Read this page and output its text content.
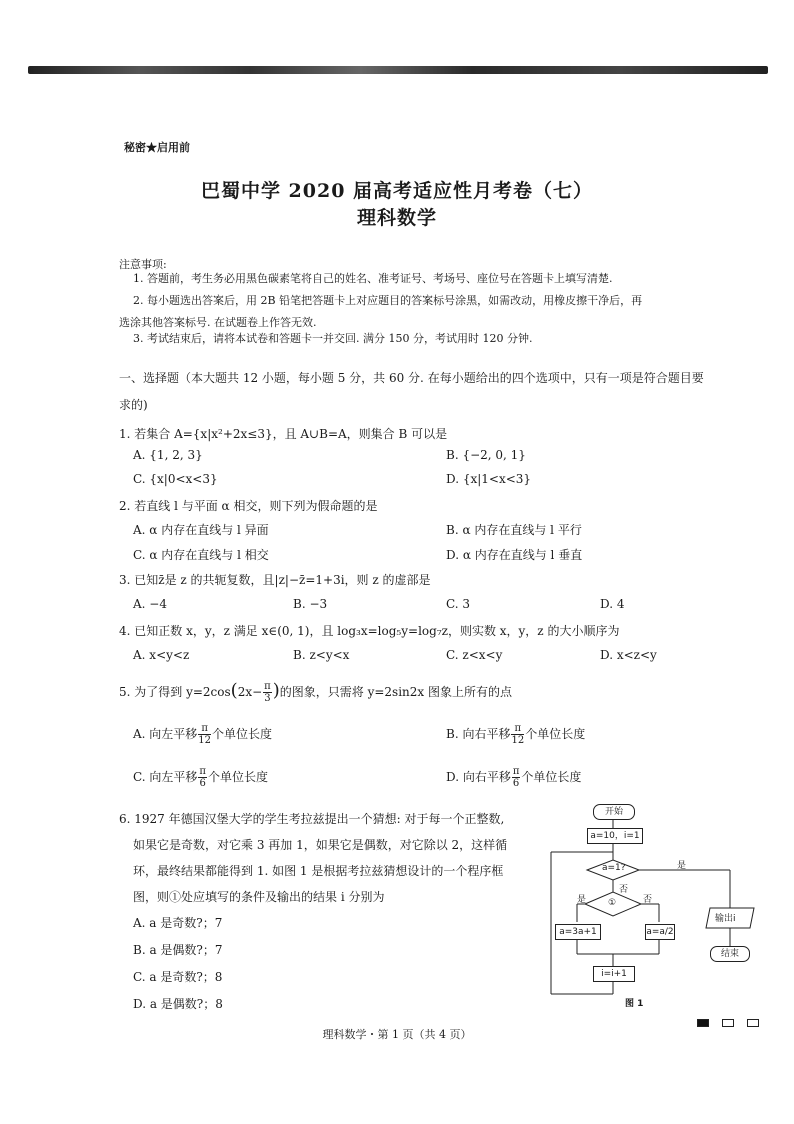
秘密★启用前
巴蜀中学 2020 届高考适应性月考卷（七）
理科数学
注意事项:
1. 答题前，考生务必用黑色碳素笔将自己的姓名、准考证号、考场号、座位号在答题卡上填写清楚.
2. 每小题选出答案后，用 2B 铅笔把答题卡上对应题目的答案标号涂黑，如需改动，用橡皮擦干净后，再
选涂其他答案标号. 在试题卷上作答无效.
3. 考试结束后，请将本试卷和答题卡一并交回. 满分 150 分，考试用时 120 分钟.
一、选择题（本大题共 12 小题，每小题 5 分，共 60 分. 在每小题给出的四个选项中，只有一项是符合题目要
求的)
1. 若集合 A={x|x²+2x≤3}，且 A∪B=A，则集合 B 可以是
A. {1, 2, 3}	B. {−2, 0, 1}
C. {x|0<x<3}	D. {x|1<x<3}
2. 若直线 l 与平面 α 相交，则下列为假命题的是
A. α 内存在直线与 l 异面	B. α 内存在直线与 l 平行
C. α 内存在直线与 l 相交	D. α 内存在直线与 l 垂直
3. 已知z̄是 z 的共轭复数，且|z|−z̄=1+3i，则 z 的虚部是
A. −4	B. −3	C. 3	D. 4
4. 已知正数 x，y，z 满足 x∈(0, 1)，且 log₃x=log₅y=log₇z，则实数 x，y，z 的大小顺序为
A. x<y<z	B. z<y<x	C. z<x<y	D. x<z<y
5. 为了得到 $y=2\cos(2x- \frac{\pi}{3}$ )的图象，只需将 y=2sin2x 图象上所有的点
A. 向左平移 $\frac{\pi}{12}$ 个单位长度	B. 向右平移 $\frac{\pi}{12}$ 个单位长度
C. 向左平移 $\frac{\pi}{6}$ 个单位长度	D. 向右平移 $\frac{\pi}{6}$ 个单位长度
6. 1927 年德国汉堡大学的学生考拉兹提出一个猜想: 对于每一个正整数,
如果它是奇数，对它乘 3 再加 1，如果它是偶数，对它除以 2，这样循
环，最终结果都能得到 1. 如图 1 是根据考拉兹猜想设计的一个程序框
图，则①处应填写的条件及输出的结果 i 分别为
A. a 是奇数?；7
B. a 是偶数?；7
C. a 是奇数?；8
D. a 是偶数?；8
开始
a=10，i=1
a=1?	是
否
①
是	否
a=3a+1	a=a/2
输出i
结束
i=i+1
图 1
理科数学・第 1 页（共 4 页）
